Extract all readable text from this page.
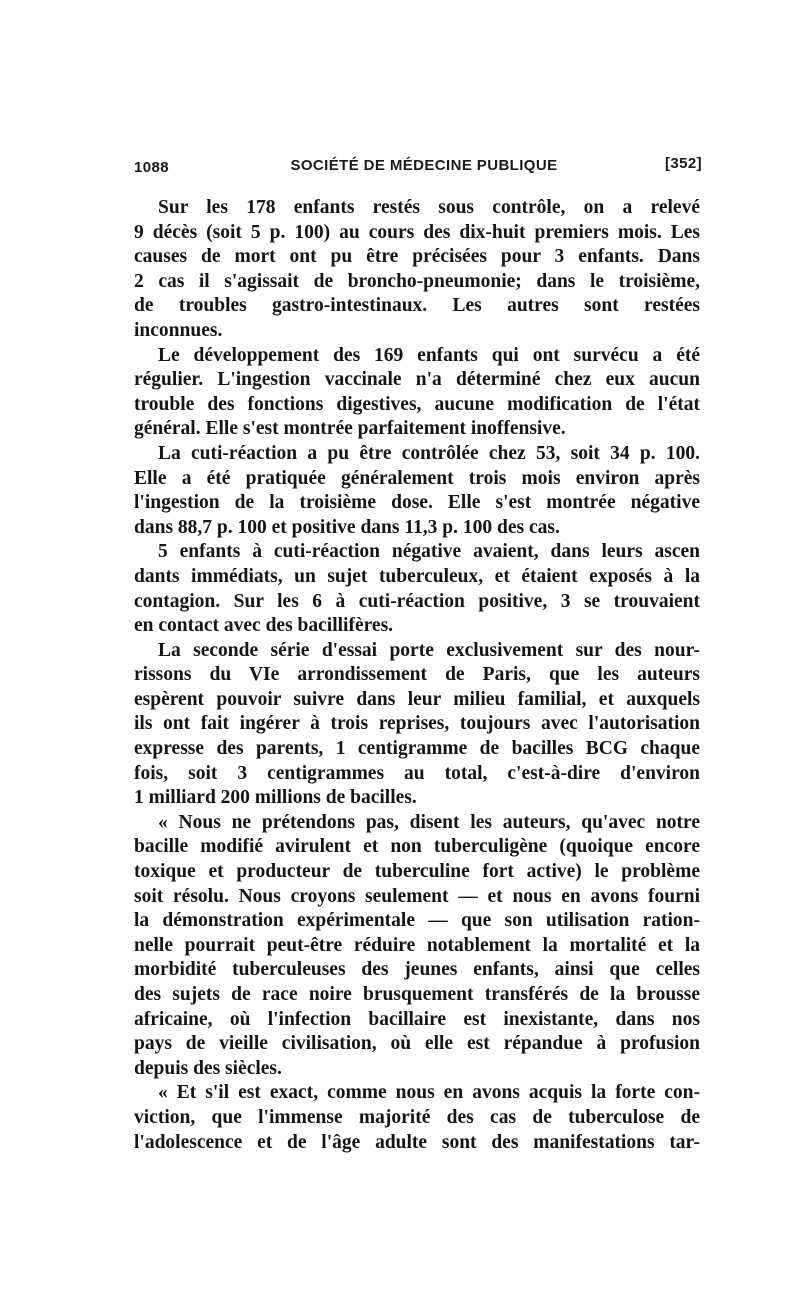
1088	SOCIÉTÉ DE MÉDECINE PUBLIQUE	[352]
Sur les 178 enfants restés sous contrôle, on a relevé
9 décès (soit 5 p. 100) au cours des dix-huit premiers mois. Les
causes de mort ont pu être précisées pour 3 enfants. Dans
2 cas il s'agissait de broncho-pneumonie; dans le troisième,
de troubles gastro-intestinaux. Les autres sont restées
inconnues.
Le développement des 169 enfants qui ont survécu a été
régulier. L'ingestion vaccinale n'a déterminé chez eux aucun
trouble des fonctions digestives, aucune modification de l'état
général. Elle s'est montrée parfaitement inoffensive.
La cuti-réaction a pu être contrôlée chez 53, soit 34 p. 100.
Elle a été pratiquée généralement trois mois environ après
l'ingestion de la troisième dose. Elle s'est montrée négative
dans 88,7 p. 100 et positive dans 11,3 p. 100 des cas.
5 enfants à cuti-réaction négative avaient, dans leurs ascen
dants immédiats, un sujet tuberculeux, et étaient exposés à la
contagion. Sur les 6 à cuti-réaction positive, 3 se trouvaient
en contact avec des bacillifères.
La seconde série d'essai porte exclusivement sur des nour-
rissons du VIe arrondissement de Paris, que les auteurs
espèrent pouvoir suivre dans leur milieu familial, et auxquels
ils ont fait ingérer à trois reprises, toujours avec l'autorisation
expresse des parents, 1 centigramme de bacilles BCG chaque
fois, soit 3 centigrammes au total, c'est-à-dire d'environ
1 milliard 200 millions de bacilles.
« Nous ne prétendons pas, disent les auteurs, qu'avec notre
bacille modifié avirulent et non tuberculigène (quoique encore
toxique et producteur de tuberculine fort active) le problème
soit résolu. Nous croyons seulement — et nous en avons fourni
la démonstration expérimentale — que son utilisation ration-
nelle pourrait peut-être réduire notablement la mortalité et la
morbidité tuberculeuses des jeunes enfants, ainsi que celles
des sujets de race noire brusquement transférés de la brousse
africaine, où l'infection bacillaire est inexistante, dans nos
pays de vieille civilisation, où elle est répandue à profusion
depuis des siècles.
« Et s'il est exact, comme nous en avons acquis la forte con-
viction, que l'immense majorité des cas de tuberculose de
l'adolescence et de l'âge adulte sont des manifestations tar-
